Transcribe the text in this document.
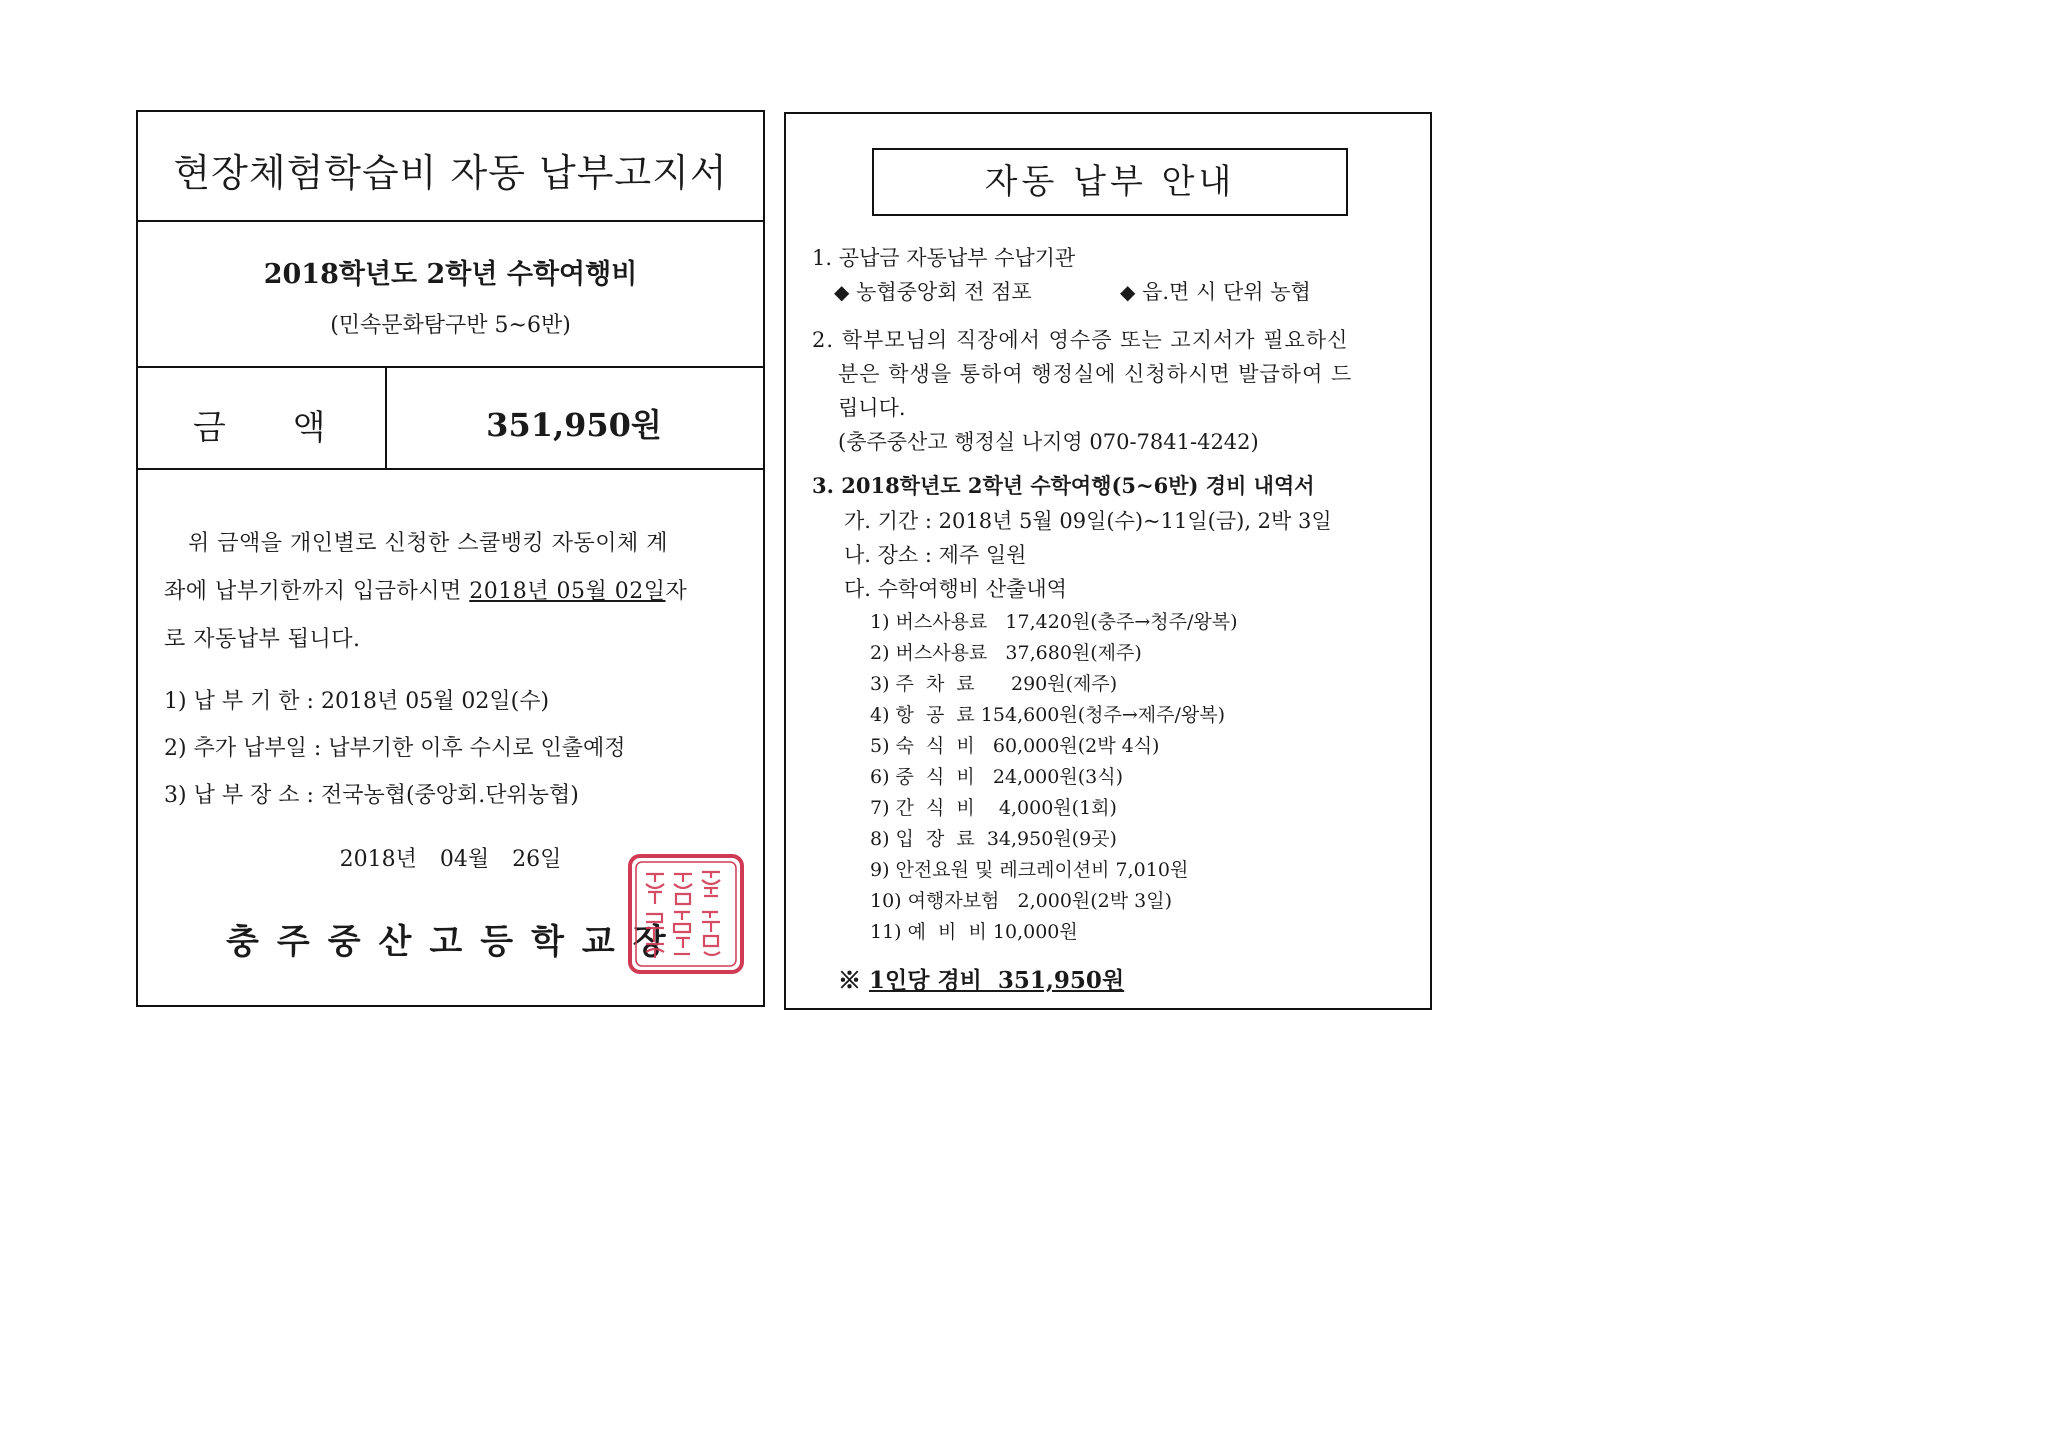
현장체험학습비 자동 납부고지서
2018학년도 2학년 수학여행비
(민속문화탐구반 5~6반)
금 액	351,950원
위 금액을 개인별로 신청한 스쿨뱅킹 자동이체 계
좌에 납부기한까지 입금하시면 2018년 05월 02일자
로 자동납부 됩니다.
1) 납 부 기 한 : 2018년 05월 02일(수)
2) 추가 납부일 : 납부기한 이후 수시로 인출예정
3) 납 부 장 소 : 전국농협(중앙회.단위농협)
2018년 04월 26일
충주중산고등학교장
자동 납부 안내
1. 공납금 자동납부 수납기관
◆ 농협중앙회 전 점포	◆ 읍.면 시 단위 농협
2. 학부모님의 직장에서 영수증 또는 고지서가 필요하신
분은 학생을 통하여 행정실에 신청하시면 발급하여 드
립니다.
(충주중산고 행정실 나지영 070-7841-4242)
3. 2018학년도 2학년 수학여행(5~6반) 경비 내역서
가. 기간 : 2018년 5월 09일(수)~11일(금), 2박 3일
나. 장소 : 제주 일원
다. 수학여행비 산출내역
1) 버스사용료   17,420원(충주→청주/왕복)
2) 버스사용료   37,680원(제주)
3) 주  차  료      290원(제주)
4) 항  공  료 154,600원(청주→제주/왕복)
5) 숙  식  비   60,000원(2박 4식)
6) 중  식  비   24,000원(3식)
7) 간  식  비    4,000원(1회)
8) 입  장  료  34,950원(9곳)
9) 안전요원 및 레크레이션비 7,010원
10) 여행자보험   2,000원(2박 3일)
11) 예  비  비 10,000원
※ 1인당 경비  351,950원
